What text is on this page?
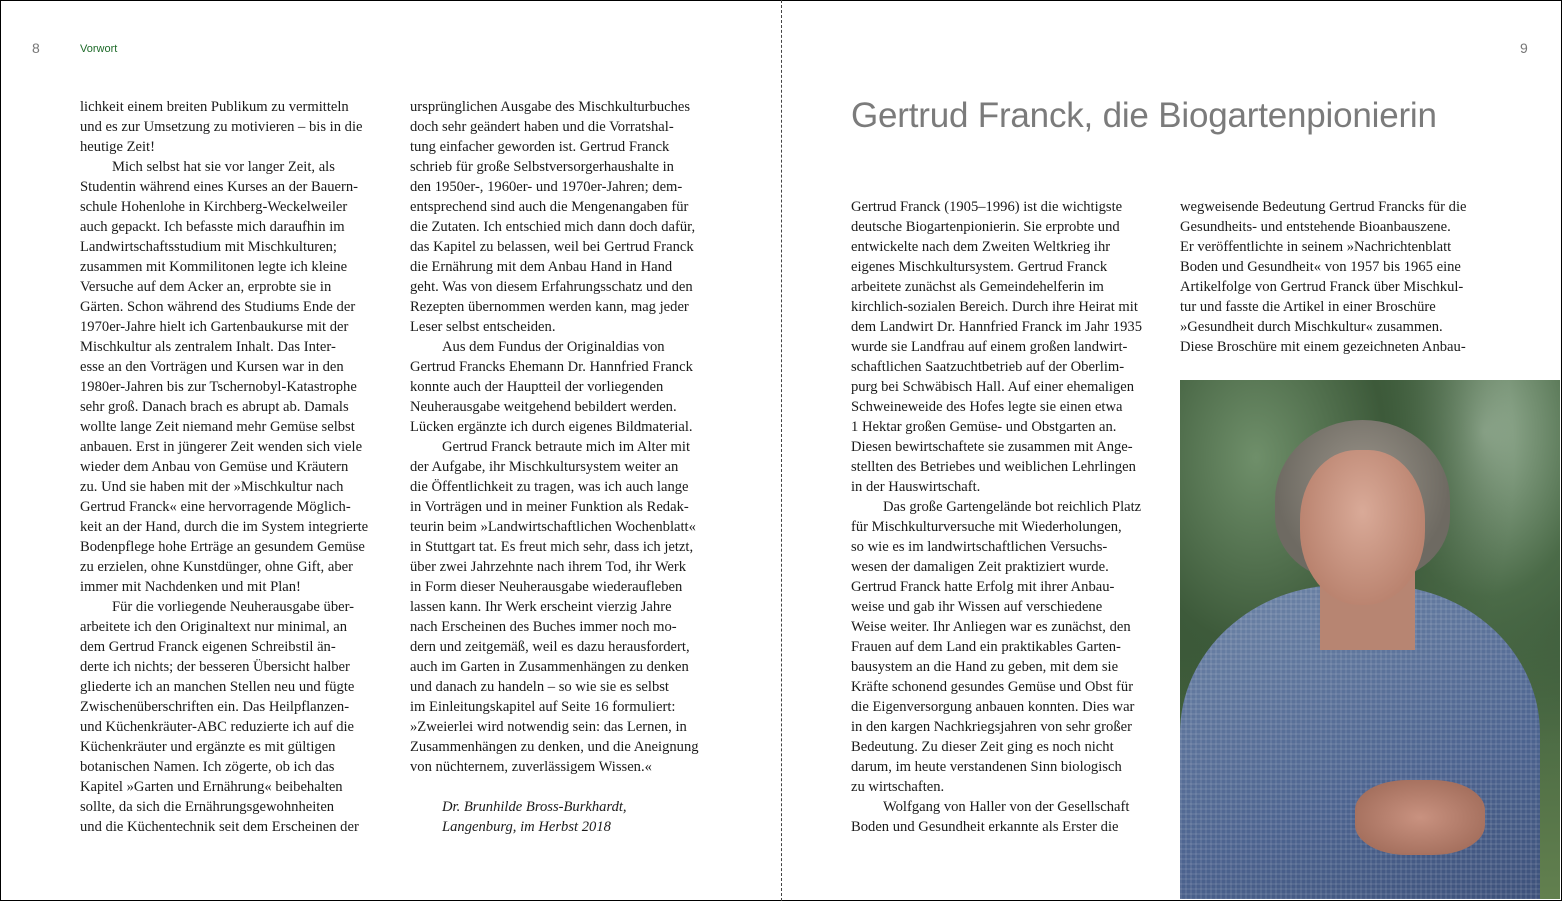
8	Vorwort	9
Gertrud Franck, die Biogartenpionierin
lichkeit einem breiten Publikum zu vermitteln
und es zur Umsetzung zu motivieren – bis in die
heutige Zeit!
Mich selbst hat sie vor langer Zeit, als
Studentin während eines Kurses an der Bauern-
schule Hohenlohe in Kirchberg-Weckelweiler
auch gepackt. Ich befasste mich daraufhin im
Landwirtschaftsstudium mit Mischkulturen;
zusammen mit Kommilitonen legte ich kleine
Versuche auf dem Acker an, erprobte sie in
Gärten. Schon während des Studiums Ende der
1970er-Jahre hielt ich Gartenbaukurse mit der
Mischkultur als zentralem Inhalt. Das Inter-
esse an den Vorträgen und Kursen war in den
1980er-Jahren bis zur Tschernobyl-Katastrophe
sehr groß. Danach brach es abrupt ab. Damals
wollte lange Zeit niemand mehr Gemüse selbst
anbauen. Erst in jüngerer Zeit wenden sich viele
wieder dem Anbau von Gemüse und Kräutern
zu. Und sie haben mit der »Mischkultur nach
Gertrud Franck« eine hervorragende Möglich-
keit an der Hand, durch die im System integrierte
Bodenpflege hohe Erträge an gesundem Gemüse
zu erzielen, ohne Kunstdünger, ohne Gift, aber
immer mit Nachdenken und mit Plan!
Für die vorliegende Neuherausgabe über-
arbeitete ich den Originaltext nur minimal, an
dem Gertrud Franck eigenen Schreibstil än-
derte ich nichts; der besseren Übersicht halber
gliederte ich an manchen Stellen neu und fügte
Zwischenüberschriften ein. Das Heilpflanzen-
und Küchenkräuter-ABC reduzierte ich auf die
Küchenkräuter und ergänzte es mit gültigen
botanischen Namen. Ich zögerte, ob ich das
Kapitel »Garten und Ernährung« beibehalten
sollte, da sich die Ernährungsgewohnheiten
und die Küchentechnik seit dem Erscheinen der
ursprünglichen Ausgabe des Mischkulturbuches
doch sehr geändert haben und die Vorratshal-
tung einfacher geworden ist. Gertrud Franck
schrieb für große Selbstversorgerhaushalte in
den 1950er-, 1960er- und 1970er-Jahren; dem-
entsprechend sind auch die Mengenangaben für
die Zutaten. Ich entschied mich dann doch dafür,
das Kapitel zu belassen, weil bei Gertrud Franck
die Ernährung mit dem Anbau Hand in Hand
geht. Was von diesem Erfahrungsschatz und den
Rezepten übernommen werden kann, mag jeder
Leser selbst entscheiden.
Aus dem Fundus der Originaldias von
Gertrud Francks Ehemann Dr. Hannfried Franck
konnte auch der Hauptteil der vorliegenden
Neuherausgabe weitgehend bebildert werden.
Lücken ergänzte ich durch eigenes Bildmaterial.
Gertrud Franck betraute mich im Alter mit
der Aufgabe, ihr Mischkultursystem weiter an
die Öffentlichkeit zu tragen, was ich auch lange
in Vorträgen und in meiner Funktion als Redak-
teurin beim »Landwirtschaftlichen Wochenblatt«
in Stuttgart tat. Es freut mich sehr, dass ich jetzt,
über zwei Jahrzehnte nach ihrem Tod, ihr Werk
in Form dieser Neuherausgabe wiederaufleben
lassen kann. Ihr Werk erscheint vierzig Jahre
nach Erscheinen des Buches immer noch mo-
dern und zeitgemäß, weil es dazu herausfordert,
auch im Garten in Zusammenhängen zu denken
und danach zu handeln – so wie sie es selbst
im Einleitungskapitel auf Seite 16 formuliert:
»Zweierlei wird notwendig sein: das Lernen, in
Zusammenhängen zu denken, und die Aneignung
von nüchternem, zuverlässigem Wissen.«
Dr. Brunhilde Bross-Burkhardt,
Langenburg, im Herbst 2018
Gertrud Franck (1905–1996) ist die wichtigste
deutsche Biogartenpionierin. Sie erprobte und
entwickelte nach dem Zweiten Weltkrieg ihr
eigenes Mischkultursystem. Gertrud Franck
arbeitete zunächst als Gemeindehelferin im
kirchlich-sozialen Bereich. Durch ihre Heirat mit
dem Landwirt Dr. Hannfried Franck im Jahr 1935
wurde sie Landfrau auf einem großen landwirt-
schaftlichen Saatzuchtbetrieb auf der Oberlim-
purg bei Schwäbisch Hall. Auf einer ehemaligen
Schweineweide des Hofes legte sie einen etwa
1 Hektar großen Gemüse- und Obstgarten an.
Diesen bewirtschaftete sie zusammen mit Ange-
stellten des Betriebes und weiblichen Lehrlingen
in der Hauswirtschaft.
Das große Gartengelände bot reichlich Platz
für Mischkulturversuche mit Wiederholungen,
so wie es im landwirtschaftlichen Versuchs-
wesen der damaligen Zeit praktiziert wurde.
Gertrud Franck hatte Erfolg mit ihrer Anbau-
weise und gab ihr Wissen auf verschiedene
Weise weiter. Ihr Anliegen war es zunächst, den
Frauen auf dem Land ein praktikables Garten-
bausystem an die Hand zu geben, mit dem sie
Kräfte schonend gesundes Gemüse und Obst für
die Eigenversorgung anbauen konnten. Dies war
in den kargen Nachkriegsjahren von sehr großer
Bedeutung. Zu dieser Zeit ging es noch nicht
darum, im heute verstandenen Sinn biologisch
zu wirtschaften.
Wolfgang von Haller von der Gesellschaft
Boden und Gesundheit erkannte als Erster die
wegweisende Bedeutung Gertrud Francks für die
Gesundheits- und entstehende Bioanbauszene.
Er veröffentlichte in seinem »Nachrichtenblatt
Boden und Gesundheit« von 1957 bis 1965 eine
Artikelfolge von Gertrud Franck über Mischkul-
tur und fasste die Artikel in einer Broschüre
»Gesundheit durch Mischkultur« zusammen.
Diese Broschüre mit einem gezeichneten Anbau-
